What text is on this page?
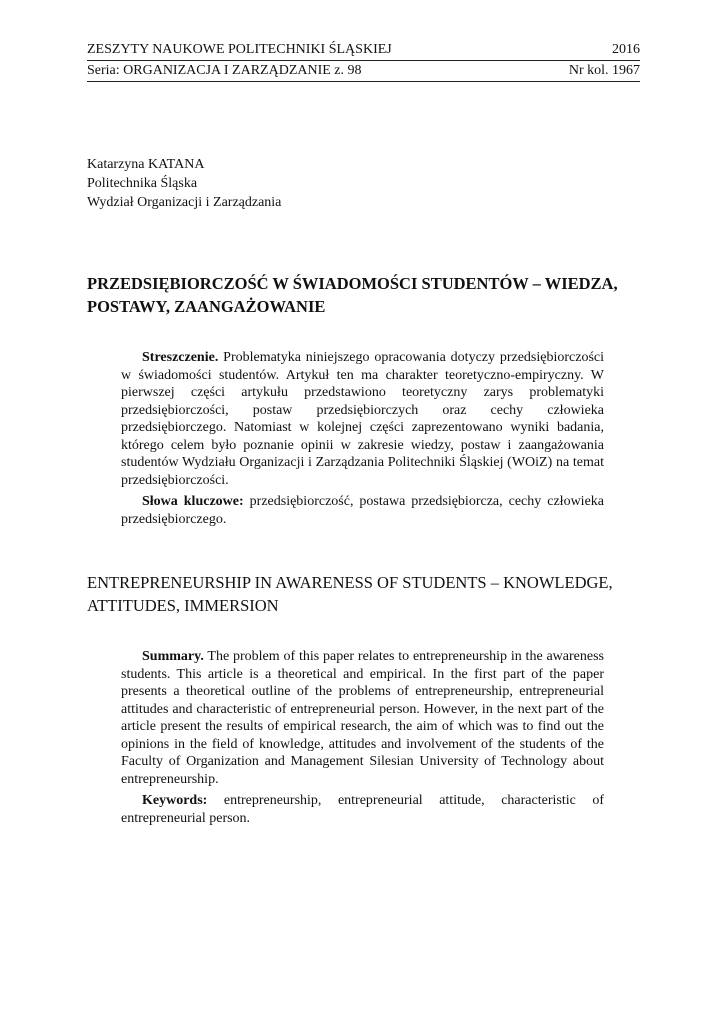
ZESZYTY NAUKOWE POLITECHNIKI ŚLĄSKIEJ	2016
Seria: ORGANIZACJA I ZARZĄDZANIE z. 98	Nr kol. 1967
Katarzyna KATANA
Politechnika Śląska
Wydział Organizacji i Zarządzania
PRZEDSIĘBIORCZOŚĆ W ŚWIADOMOŚCI STUDENTÓW – WIEDZA, POSTAWY, ZAANGAŻOWANIE

Streszczenie. Problematyka niniejszego opracowania dotyczy przedsiębiorczości w świadomości studentów. Artykuł ten ma charakter teoretyczno-empiryczny. W pierwszej części artykułu przedstawiono teoretyczny zarys problematyki przedsiębiorczości, postaw przedsiębiorczych oraz cechy człowieka przedsiębiorczego. Natomiast w kolejnej części zaprezentowano wyniki badania, którego celem było poznanie opinii w zakresie wiedzy, postaw i zaangażowania studentów Wydziału Organizacji i Zarządzania Politechniki Śląskiej (WOiZ) na temat przedsiębiorczości.

Słowa kluczowe: przedsiębiorczość, postawa przedsiębiorcza, cechy człowieka przedsiębiorczego.

ENTREPRENEURSHIP IN AWARENESS OF STUDENTS – KNOWLEDGE, ATTITUDES, IMMERSION

Summary. The problem of this paper relates to entrepreneurship in the awareness students. This article is a theoretical and empirical. In the first part of the paper presents a theoretical outline of the problems of entrepreneurship, entrepreneurial attitudes and characteristic of entrepreneurial person. However, in the next part of the article present the results of empirical research, the aim of which was to find out the opinions in the field of knowledge, attitudes and involvement of the students of the Faculty of Organization and Management Silesian University of Technology about entrepreneurship.

Keywords: entrepreneurship, entrepreneurial attitude, characteristic of entrepreneurial person.
